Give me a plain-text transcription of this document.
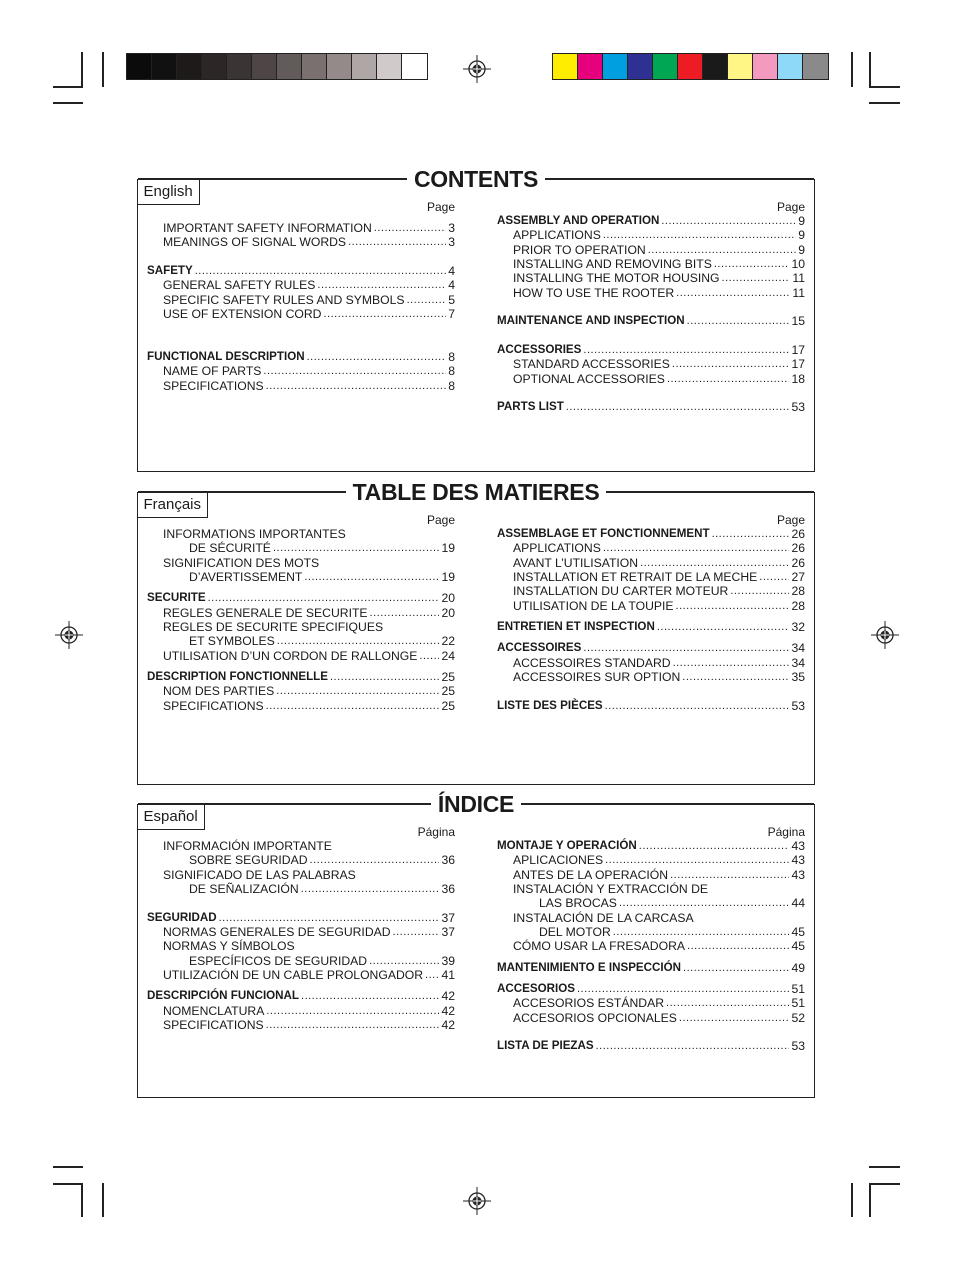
CONTENTS
English
Page
IMPORTANT SAFETY INFORMATION .....	3
MEANINGS OF SIGNAL WORDS .....	3
SAFETY .....	4
GENERAL SAFETY RULES .....	4
SPECIFIC SAFETY RULES AND SYMBOLS .....	5
USE OF EXTENSION CORD .....	7
FUNCTIONAL DESCRIPTION .....	8
NAME OF PARTS .....	8
SPECIFICATIONS .....	8
Page
ASSEMBLY AND OPERATION .....	9
APPLICATIONS .....	9
PRIOR TO OPERATION .....	9
INSTALLING AND REMOVING BITS .....	10
INSTALLING THE MOTOR HOUSING .....	11
HOW TO USE THE ROOTER .....	11
MAINTENANCE AND INSPECTION .....	15
ACCESSORIES .....	17
STANDARD ACCESSORIES .....	17
OPTIONAL ACCESSORIES .....	18
PARTS LIST .....	53
TABLE DES MATIERES
Français
Page
INFORMATIONS IMPORTANTES
DE SÉCURITÉ .....	19
SIGNIFICATION DES MOTS
D’AVERTISSEMENT .....	19
SECURITE .....	20
REGLES GENERALE DE SECURITE .....	20
REGLES DE SECURITE SPECIFIQUES
ET SYMBOLES .....	22
UTILISATION D’UN CORDON DE RALLONGE ..... 24
DESCRIPTION FONCTIONNELLE .....	25
NOM DES PARTIES .....	25
SPECIFICATIONS .....	25
Page
ASSEMBLAGE ET FONCTIONNEMENT .....	26
APPLICATIONS .....	26
AVANT L’UTILISATION .....	26
INSTALLATION ET RETRAIT DE LA MECHE .....	27
INSTALLATION DU CARTER MOTEUR .....	28
UTILISATION DE LA TOUPIE .....	28
ENTRETIEN ET INSPECTION .....	32
ACCESSOIRES .....	34
ACCESSOIRES STANDARD .....	34
ACCESSOIRES SUR OPTION .....	35
LISTE DES PIÈCES .....	53
ÍNDICE
Español
Página
INFORMACIÓN IMPORTANTE
SOBRE SEGURIDAD .....	36
SIGNIFICADO DE LAS PALABRAS
DE SEÑALIZACIÓN .....	36
SEGURIDAD .....	37
NORMAS GENERALES DE SEGURIDAD .....	37
NORMAS Y SÍMBOLOS
ESPECÍFICOS DE SEGURIDAD .....	39
UTILIZACIÓN DE UN CABLE PROLONGADOR ..... 41
DESCRIPCIÓN FUNCIONAL .....	42
NOMENCLATURA .....	42
SPECIFICATIONS .....	42
Página
MONTAJE Y OPERACIÓN .....	43
APLICACIONES .....	43
ANTES DE LA OPERACIÓN .....	43
INSTALACIÓN Y EXTRACCIÓN DE
LAS BROCAS .....	44
INSTALACIÓN DE LA CARCASA
DEL MOTOR .....	45
CÓMO USAR LA FRESADORA .....	45
MANTENIMIENTO E INSPECCIÓN .....	49
ACCESORIOS .....	51
ACCESORIOS ESTÁNDAR .....	51
ACCESORIOS OPCIONALES .....	52
LISTA DE PIEZAS .....	53
